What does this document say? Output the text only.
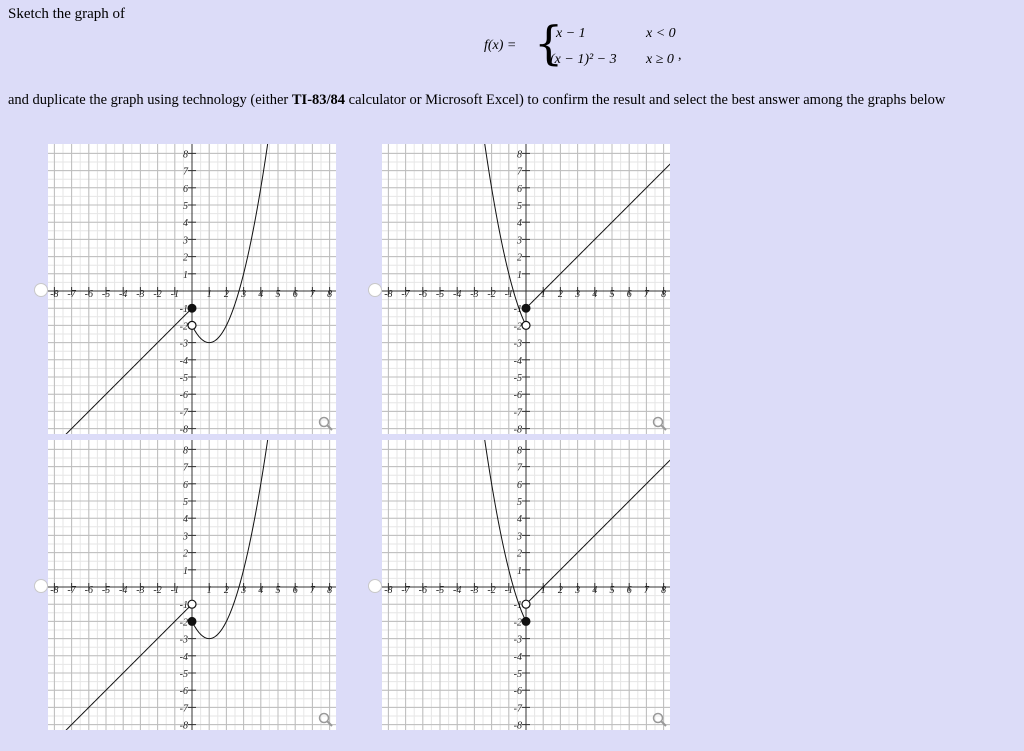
Sketch the graph of
f(x) = {
x − 1	x < 0
(x − 1)² − 3 x ≥ 0 ,
and duplicate the graph using technology (either TI-83/84 calculator or Microsoft Excel) to confirm the result and select the best answer among the graphs below
-8 -7 -6 -5 -4 -3 -2 -1	1 2 3 4 5 6 7 8
8
7
6
5
4
3
2
1
-1
-2
-3
-4
-5
-6
-7
-8
-8 -7 -6 -5 -4 -3 -2 -1	1 2 3 4 5 6 7 8
8
7
6
5
4
3
2
1
-1
-2
-3
-4
-5
-6
-7
-8
-8 -7 -6 -5 -4 -3 -2 -1	1 2 3 4 5 6 7 8
8
7
6
5
4
3
2
1
-1
-2
-3
-4
-5
-6
-7
-8
-8 -7 -6 -5 -4 -3 -2 -1	1 2 3 4 5 6 7 8
8
7
6
5
4
3
2
1
-1
-2
-3
-4
-5
-6
-7
-8
